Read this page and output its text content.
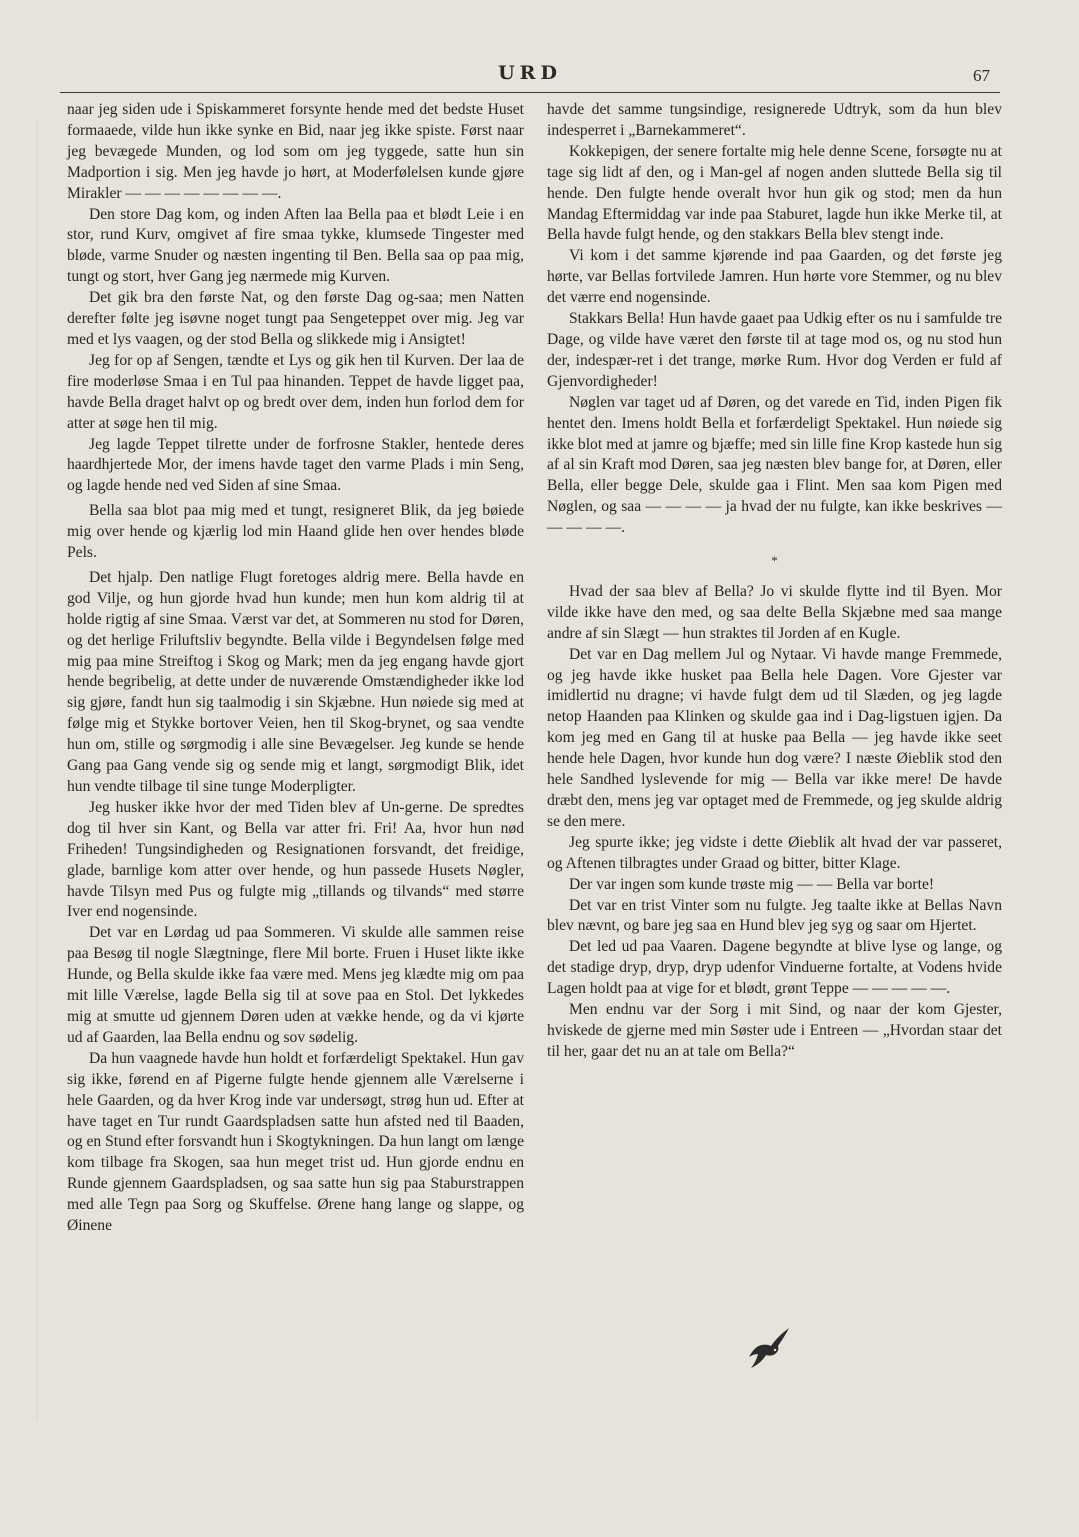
URD	67

naar jeg siden ude i Spiskammeret forsynte hende med det bedste Huset formaaede, vilde hun ikke synke en Bid, naar jeg ikke spiste. Først naar jeg bevægede Munden, og lod som om jeg tyggede, satte hun sin Madportion i sig. Men jeg havde jo hørt, at Moderfølelsen kunde gjøre Mirakler — — — — — — — —.

Den store Dag kom, og inden Aften laa Bella paa et blødt Leie i en stor, rund Kurv, omgivet af fire smaa tykke, klumsede Tingester med bløde, varme Snuder og næsten ingenting til Ben. Bella saa op paa mig, tungt og stort, hver Gang jeg nærmede mig Kurven.

Det gik bra den første Nat, og den første Dag og-saa; men Natten derefter følte jeg isøvne noget tungt paa Sengeteppet over mig. Jeg var med et lys vaagen, og der stod Bella og slikkede mig i Ansigtet!

Jeg for op af Sengen, tændte et Lys og gik hen til Kurven. Der laa de fire moderløse Smaa i en Tul paa hinanden. Teppet de havde ligget paa, havde Bella draget halvt op og bredt over dem, inden hun forlod dem for atter at søge hen til mig.

Jeg lagde Teppet tilrette under de forfrosne Stakler, hentede deres haardhjertede Mor, der imens havde taget den varme Plads i min Seng, og lagde hende ned ved Siden af sine Smaa.

Bella saa blot paa mig med et tungt, resigneret Blik, da jeg bøiede mig over hende og kjærlig lod min Haand glide hen over hendes bløde Pels.

Det hjalp. Den natlige Flugt foretoges aldrig mere. Bella havde en god Vilje, og hun gjorde hvad hun kunde; men hun kom aldrig til at holde rigtig af sine Smaa. Værst var det, at Sommeren nu stod for Døren, og det herlige Friluftsliv begyndte. Bella vilde i Begyndelsen følge med mig paa mine Streiftog i Skog og Mark; men da jeg engang havde gjort hende begribelig, at dette under de nuværende Omstændigheder ikke lod sig gjøre, fandt hun sig taalmodig i sin Skjæbne. Hun nøiede sig med at følge mig et Stykke bortover Veien, hen til Skog-brynet, og saa vendte hun om, stille og sørgmodig i alle sine Bevægelser. Jeg kunde se hende Gang paa Gang vende sig og sende mig et langt, sørgmodigt Blik, idet hun vendte tilbage til sine tunge Moderpligter.

Jeg husker ikke hvor der med Tiden blev af Un-gerne. De spredtes dog til hver sin Kant, og Bella var atter fri. Fri! Aa, hvor hun nød Friheden! Tungsindigheden og Resignationen forsvandt, det freidige, glade, barnlige kom atter over hende, og hun passede Husets Nøgler, havde Tilsyn med Pus og fulgte mig „tillands og tilvands“ med større Iver end nogensinde.

Det var en Lørdag ud paa Sommeren. Vi skulde alle sammen reise paa Besøg til nogle Slægtninge, flere Mil borte. Fruen i Huset likte ikke Hunde, og Bella skulde ikke faa være med. Mens jeg klædte mig om paa mit lille Værelse, lagde Bella sig til at sove paa en Stol. Det lykkedes mig at smutte ud gjennem Døren uden at vække hende, og da vi kjørte ud af Gaarden, laa Bella endnu og sov sødelig.

Da hun vaagnede havde hun holdt et forfærdeligt Spektakel. Hun gav sig ikke, førend en af Pigerne fulgte hende gjennem alle Værelserne i hele Gaarden, og da hver Krog inde var undersøgt, strøg hun ud. Efter at have taget en Tur rundt Gaardspladsen satte hun afsted ned til Baaden, og en Stund efter forsvandt hun i Skogtykningen. Da hun langt om længe kom tilbage fra Skogen, saa hun meget trist ud. Hun gjorde endnu en Runde gjennem Gaardspladsen, og saa satte hun sig paa Staburstrappen med alle Tegn paa Sorg og Skuffelse. Ørene hang lange og slappe, og Øinene

havde det samme tungsindige, resignerede Udtryk, som da hun blev indesperret i „Barnekammeret“.

Kokkepigen, der senere fortalte mig hele denne Scene, forsøgte nu at tage sig lidt af den, og i Man-gel af nogen anden sluttede Bella sig til hende. Den fulgte hende overalt hvor hun gik og stod; men da hun Mandag Eftermiddag var inde paa Staburet, lagde hun ikke Merke til, at Bella havde fulgt hende, og den stakkars Bella blev stengt inde.

Vi kom i det samme kjørende ind paa Gaarden, og det første jeg hørte, var Bellas fortvilede Jamren. Hun hørte vore Stemmer, og nu blev det værre end nogensinde.

Stakkars Bella! Hun havde gaaet paa Udkig efter os nu i samfulde tre Dage, og vilde have været den første til at tage mod os, og nu stod hun der, indespær-ret i det trange, mørke Rum. Hvor dog Verden er fuld af Gjenvordigheder!

Nøglen var taget ud af Døren, og det varede en Tid, inden Pigen fik hentet den. Imens holdt Bella et forfærdeligt Spektakel. Hun nøiede sig ikke blot med at jamre og bjæffe; med sin lille fine Krop kastede hun sig af al sin Kraft mod Døren, saa jeg næsten blev bange for, at Døren, eller Bella, eller begge Dele, skulde gaa i Flint. Men saa kom Pigen med Nøglen, og saa — — — — ja hvad der nu fulgte, kan ikke beskrives — — — — —.

*

Hvad der saa blev af Bella? Jo vi skulde flytte ind til Byen. Mor vilde ikke have den med, og saa delte Bella Skjæbne med saa mange andre af sin Slægt — hun straktes til Jorden af en Kugle.

Det var en Dag mellem Jul og Nytaar. Vi havde mange Fremmede, og jeg havde ikke husket paa Bella hele Dagen. Vore Gjester var imidlertid nu dragne; vi havde fulgt dem ud til Slæden, og jeg lagde netop Haanden paa Klinken og skulde gaa ind i Dag-ligstuen igjen. Da kom jeg med en Gang til at huske paa Bella — jeg havde ikke seet hende hele Dagen, hvor kunde hun dog være? I næste Øieblik stod den hele Sandhed lyslevende for mig — Bella var ikke mere! De havde dræbt den, mens jeg var optaget med de Fremmede, og jeg skulde aldrig se den mere.

Jeg spurte ikke; jeg vidste i dette Øieblik alt hvad der var passeret, og Aftenen tilbragtes under Graad og bitter, bitter Klage.

Der var ingen som kunde trøste mig — — Bella var borte!

Det var en trist Vinter som nu fulgte. Jeg taalte ikke at Bellas Navn blev nævnt, og bare jeg saa en Hund blev jeg syg og saar om Hjertet.

Det led ud paa Vaaren. Dagene begyndte at blive lyse og lange, og det stadige dryp, dryp, dryp udenfor Vinduerne fortalte, at Vodens hvide Lagen holdt paa at vige for et blødt, grønt Teppe — — — — —.

Men endnu var der Sorg i mit Sind, og naar der kom Gjester, hviskede de gjerne med min Søster ude i Entreen — „Hvordan staar det til her, gaar det nu an at tale om Bella?“
